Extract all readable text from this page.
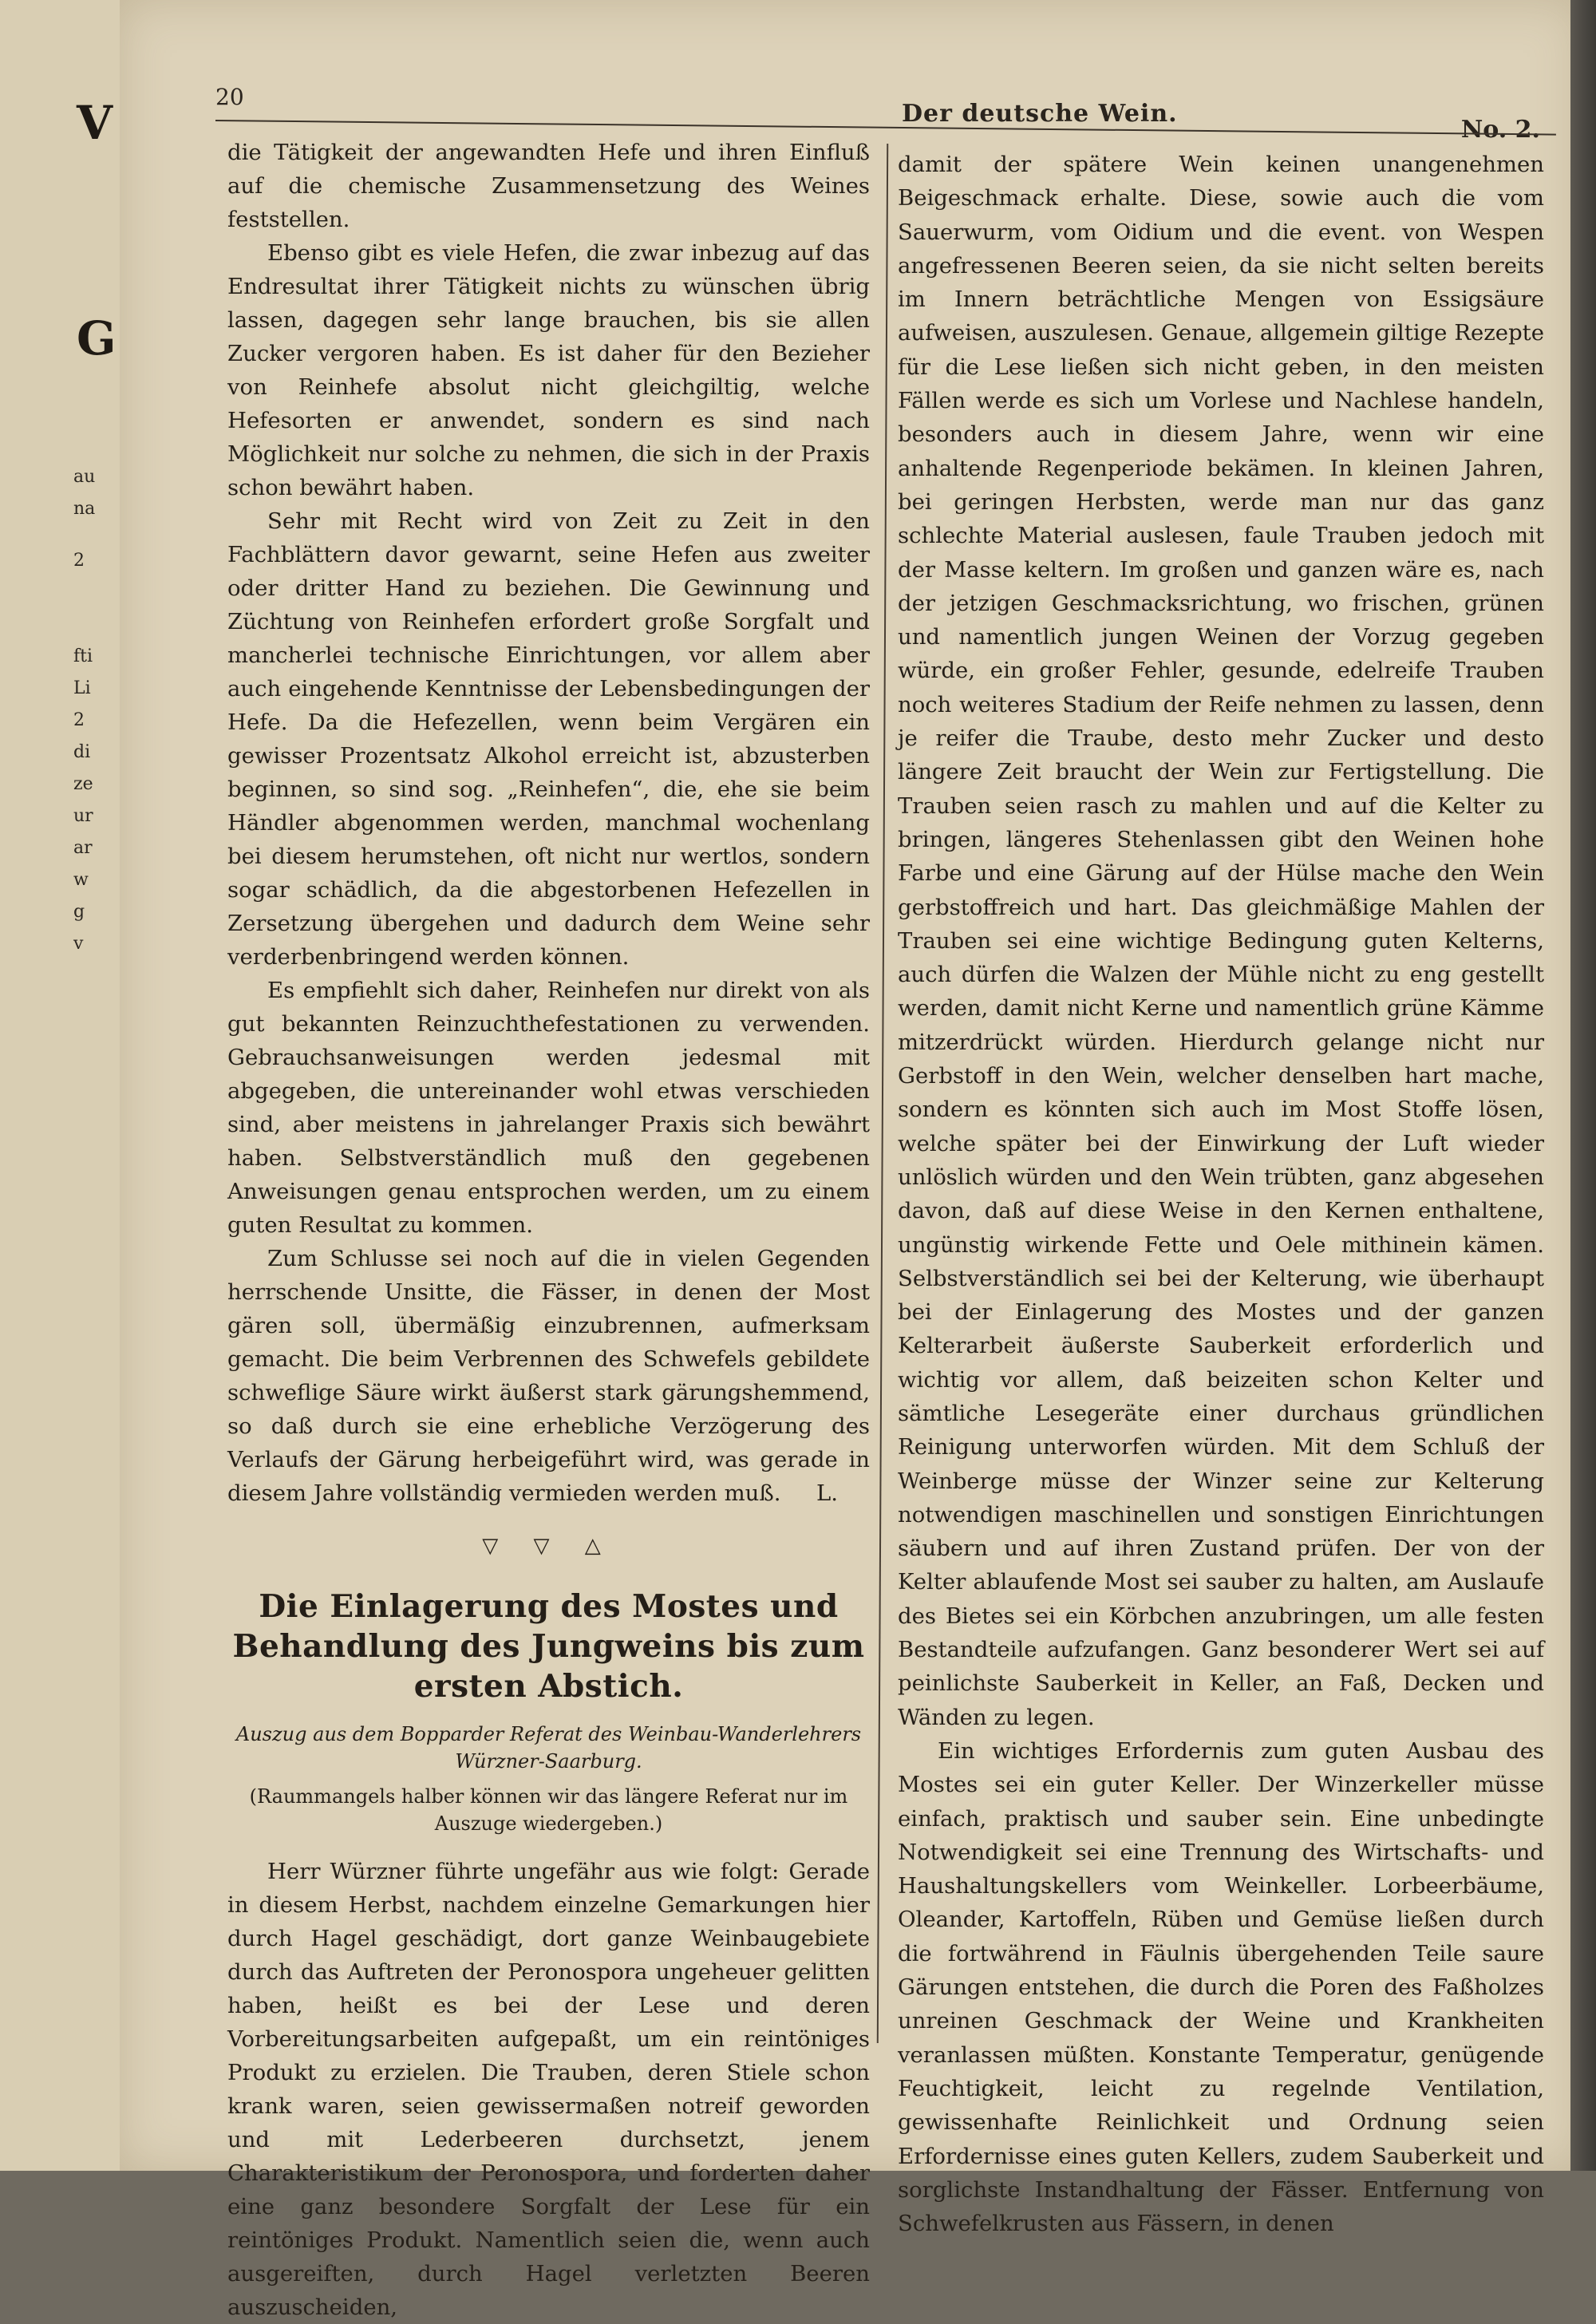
V
G
au
na
2
fti
Li
2
di
ze
ur
ar
w
g
v
20
Der deutsche Wein.
No. 2.

die Tätigkeit der angewandten Hefe und ihren Einfluß auf die chemische Zusammensetzung des Weines feststellen.

Ebenso gibt es viele Hefen, die zwar inbezug auf das Endresultat ihrer Tätigkeit nichts zu wünschen übrig lassen, dagegen sehr lange brauchen, bis sie allen Zucker vergoren haben. Es ist daher für den Bezieher von Reinhefe absolut nicht gleichgiltig, welche Hefesorten er anwendet, sondern es sind nach Möglichkeit nur solche zu nehmen, die sich in der Praxis schon bewährt haben.

Sehr mit Recht wird von Zeit zu Zeit in den Fachblättern davor gewarnt, seine Hefen aus zweiter oder dritter Hand zu beziehen. Die Gewinnung und Züchtung von Reinhefen erfordert große Sorgfalt und mancherlei technische Einrichtungen, vor allem aber auch eingehende Kenntnisse der Lebensbedingungen der Hefe. Da die Hefezellen, wenn beim Vergären ein gewisser Prozentsatz Alkohol erreicht ist, abzusterben beginnen, so sind sog. „Reinhefen“, die, ehe sie beim Händler abgenommen werden, manchmal wochenlang bei diesem herumstehen, oft nicht nur wertlos, sondern sogar schädlich, da die abgestorbenen Hefezellen in Zersetzung übergehen und dadurch dem Weine sehr verderbenbringend werden können.

Es empfiehlt sich daher, Reinhefen nur direkt von als gut bekannten Reinzuchthefestationen zu verwenden. Gebrauchsanweisungen werden jedesmal mit abgegeben, die untereinander wohl etwas verschieden sind, aber meistens in jahrelanger Praxis sich bewährt haben. Selbstverständlich muß den gegebenen Anweisungen genau entsprochen werden, um zu einem guten Resultat zu kommen.

Zum Schlusse sei noch auf die in vielen Gegenden herrschende Unsitte, die Fässer, in denen der Most gären soll, übermäßig einzubrennen, aufmerksam gemacht. Die beim Verbrennen des Schwefels gebildete schweflige Säure wirkt äußerst stark gärungshemmend, so daß durch sie eine erhebliche Verzögerung des Verlaufs der Gärung herbeigeführt wird, was gerade in diesem Jahre vollständig vermieden werden muß.	L.

▽ ▽ △
Die Einlagerung des Mostes und Behandlung des Jungweins bis zum ersten Abstich.
Auszug aus dem Bopparder Referat des Weinbau-Wanderlehrers Würzner-Saarburg.
(Raummangels halber können wir das längere Referat nur im Auszuge wiedergeben.)

Herr Würzner führte ungefähr aus wie folgt: Gerade in diesem Herbst, nachdem einzelne Gemarkungen hier durch Hagel geschädigt, dort ganze Weinbaugebiete durch das Auftreten der Peronospora ungeheuer gelitten haben, heißt es bei der Lese und deren Vorbereitungsarbeiten aufgepaßt, um ein reintöniges Produkt zu erzielen. Die Trauben, deren Stiele schon krank waren, seien gewissermaßen notreif geworden und mit Lederbeeren durchsetzt, jenem Charakteristikum der Peronospora, und forderten daher eine ganz besondere Sorgfalt der Lese für ein reintöniges Produkt. Namentlich seien die, wenn auch ausgereiften, durch Hagel verletzten Beeren auszuscheiden,

damit der spätere Wein keinen unangenehmen Beigeschmack erhalte. Diese, sowie auch die vom Sauerwurm, vom Oidium und die event. von Wespen angefressenen Beeren seien, da sie nicht selten bereits im Innern beträchtliche Mengen von Essigsäure aufweisen, auszulesen. Genaue, allgemein giltige Rezepte für die Lese ließen sich nicht geben, in den meisten Fällen werde es sich um Vorlese und Nachlese handeln, besonders auch in diesem Jahre, wenn wir eine anhaltende Regenperiode bekämen. In kleinen Jahren, bei geringen Herbsten, werde man nur das ganz schlechte Material auslesen, faule Trauben jedoch mit der Masse keltern. Im großen und ganzen wäre es, nach der jetzigen Geschmacksrichtung, wo frischen, grünen und namentlich jungen Weinen der Vorzug gegeben würde, ein großer Fehler, gesunde, edelreife Trauben noch weiteres Stadium der Reife nehmen zu lassen, denn je reifer die Traube, desto mehr Zucker und desto längere Zeit braucht der Wein zur Fertigstellung. Die Trauben seien rasch zu mahlen und auf die Kelter zu bringen, längeres Stehenlassen gibt den Weinen hohe Farbe und eine Gärung auf der Hülse mache den Wein gerbstoffreich und hart. Das gleichmäßige Mahlen der Trauben sei eine wichtige Bedingung guten Kelterns, auch dürfen die Walzen der Mühle nicht zu eng gestellt werden, damit nicht Kerne und namentlich grüne Kämme mitzerdrückt würden. Hierdurch gelange nicht nur Gerbstoff in den Wein, welcher denselben hart mache, sondern es könnten sich auch im Most Stoffe lösen, welche später bei der Einwirkung der Luft wieder unlöslich würden und den Wein trübten, ganz abgesehen davon, daß auf diese Weise in den Kernen enthaltene, ungünstig wirkende Fette und Oele mithinein kämen. Selbstverständlich sei bei der Kelterung, wie überhaupt bei der Einlagerung des Mostes und der ganzen Kelterarbeit äußerste Sauberkeit erforderlich und wichtig vor allem, daß beizeiten schon Kelter und sämtliche Lesegeräte einer durchaus gründlichen Reinigung unterworfen würden. Mit dem Schluß der Weinberge müsse der Winzer seine zur Kelterung notwendigen maschinellen und sonstigen Einrichtungen säubern und auf ihren Zustand prüfen. Der von der Kelter ablaufende Most sei sauber zu halten, am Auslaufe des Bietes sei ein Körbchen anzubringen, um alle festen Bestandteile aufzufangen. Ganz besonderer Wert sei auf peinlichste Sauberkeit in Keller, an Faß, Decken und Wänden zu legen.

Ein wichtiges Erfordernis zum guten Ausbau des Mostes sei ein guter Keller. Der Winzerkeller müsse einfach, praktisch und sauber sein. Eine unbedingte Notwendigkeit sei eine Trennung des Wirtschafts- und Haushaltungskellers vom Weinkeller. Lorbeerbäume, Oleander, Kartoffeln, Rüben und Gemüse ließen durch die fortwährend in Fäulnis übergehenden Teile saure Gärungen entstehen, die durch die Poren des Faßholzes unreinen Geschmack der Weine und Krankheiten veranlassen müßten. Konstante Temperatur, genügende Feuchtigkeit, leicht zu regelnde Ventilation, gewissenhafte Reinlichkeit und Ordnung seien Erfordernisse eines guten Kellers, zudem Sauberkeit und sorglichste Instandhaltung der Fässer. Entfernung von Schwefelkrusten aus Fässern, in denen
